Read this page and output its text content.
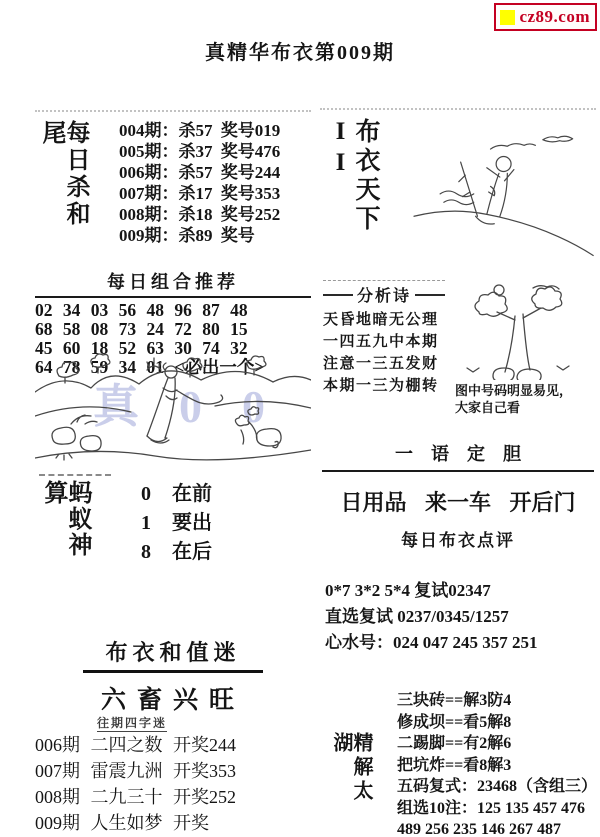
cz89.com
真精华布衣第009期
每日杀和尾	004期：杀57 奖号019
005期：杀37 奖号476
006期：杀57 奖号244
007期：杀17 奖号353
008期：杀18 奖号252
009期：杀89 奖号
每日组合推荐
02 34 03 56 48 96 87 48
68 58 08 73 24 72 80 15
45 60 18 52 63 30 74 32
64 78 59 34 01 <必出一个>
真00
蚂蚁神算	0 在前
1 要出
8 在后
布衣和值迷
六畜兴旺
往期四字迷
006期 二四之数 开奖244
007期 雷震九洲 开奖353
008期 二九三十 开奖252
009期 人生如梦 开奖
布衣天下II
分析诗
天昏地暗无公理
一四五九中本期
注意一三五发财
本期一三为棚转	图中号码明显易见，
大家自己看
一语定胆
日用品 来一车 开后门
每日布衣点评
0*7 3*2 5*4 复试02347
直选复试 0237/0345/1257
心水号：024 047 245 357 251
精解太湖
三块砖==解3防4
修成坝==看5解8
二踢脚==有2解6
把坑炸==看8解3
五码复式：23468（含组三）
组选10注：125 135 457 476
489 256 235 146 267 487
